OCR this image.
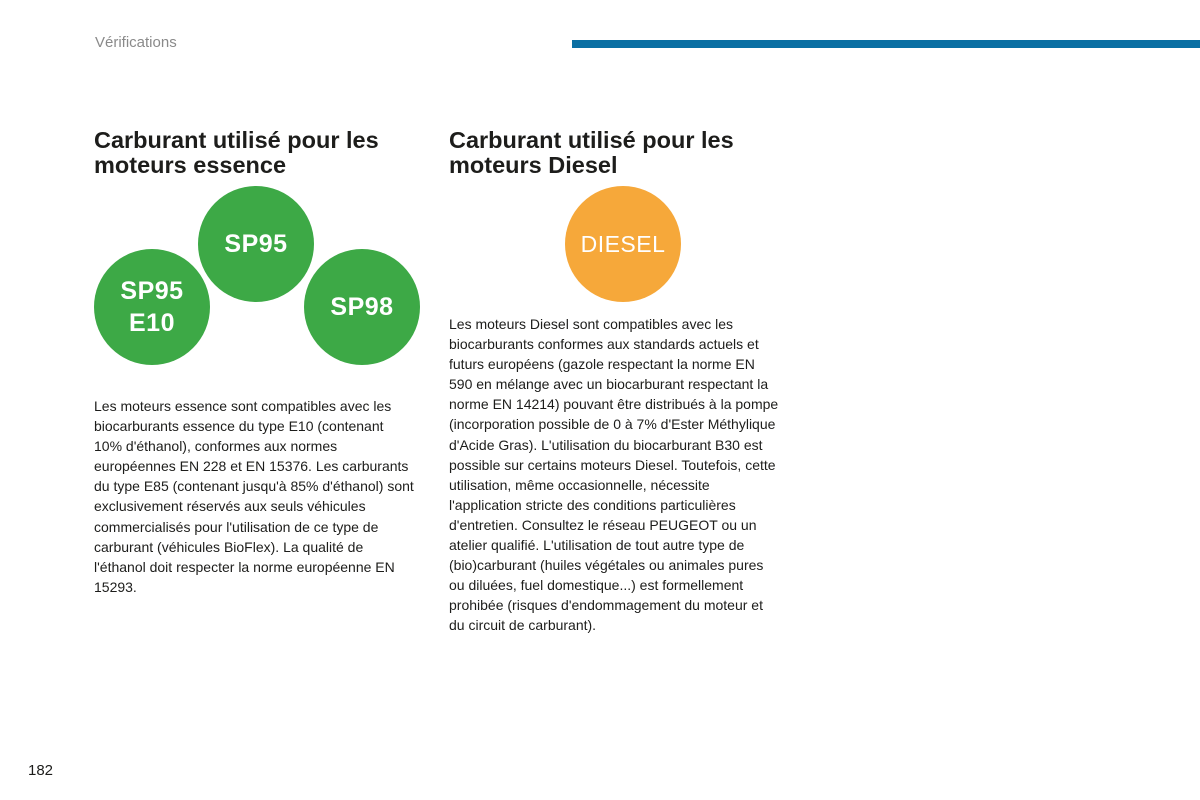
Vérifications
Carburant utilisé pour les moteurs essence
SP95
SP95
E10
SP98

Les moteurs essence sont compatibles avec les biocarburants essence du type E10 (contenant 10% d'éthanol), conformes aux normes européennes EN 228 et EN 15376. Les carburants du type E85 (contenant jusqu'à 85% d'éthanol) sont exclusivement réservés aux seuls véhicules commercialisés pour l'utilisation de ce type de carburant (véhicules BioFlex). La qualité de l'éthanol doit respecter la norme européenne EN 15293.

Carburant utilisé pour les moteurs Diesel
DIESEL

Les moteurs Diesel sont compatibles avec les biocarburants conformes aux standards actuels et futurs européens (gazole respectant la norme EN 590 en mélange avec un biocarburant respectant la norme EN 14214) pouvant être distribués à la pompe (incorporation possible de 0 à 7% d'Ester Méthylique d'Acide Gras). L'utilisation du biocarburant B30 est possible sur certains moteurs Diesel. Toutefois, cette utilisation, même occasionnelle, nécessite l'application stricte des conditions particulières d'entretien. Consultez le réseau PEUGEOT ou un atelier qualifié. L'utilisation de tout autre type de (bio)carburant (huiles végétales ou animales pures ou diluées, fuel domestique...) est formellement prohibée (risques d'endommagement du moteur et du circuit de carburant).

182
